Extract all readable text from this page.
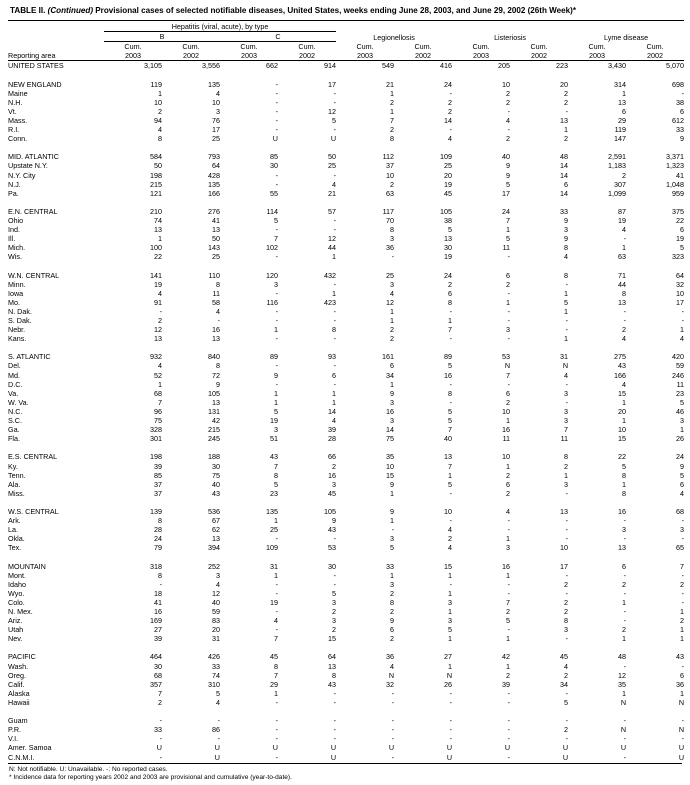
TABLE II. (Continued) Provisional cases of selected notifiable diseases, United States, weeks ending June 28, 2003, and June 29, 2002 (26th Week)*
	Hepatitis (viral, acute), by type				Legionellosis		Listeriosis		Lyme disease	
	B		C							
	Cum.	Cum.	Cum.	Cum.	Cum.	Cum.	Cum.	Cum.	Cum.	Cum.
Reporting area	2003	2002	2003	2002	2003	2002	2003	2002	2003	2002
UNITED STATES	3,105	3,556	662	914	549	416	205	223	3,430	5,070

NEW ENGLAND	119	135	-	17	21	24	10	20	314	698
Maine	1	4	-	-	1	-	2	2	1	-
N.H.	10	10	-	-	2	2	2	2	13	38
Vt.	2	3	-	12	1	2	-	-	6	6
Mass.	94	76	-	5	7	14	4	13	29	612
R.I.	4	17	-	-	2	-	-	1	119	33
Conn.	8	25	U	U	8	4	2	2	147	9

MID. ATLANTIC	584	793	85	50	112	109	40	48	2,591	3,371
Upstate N.Y.	50	64	30	25	37	25	9	14	1,183	1,323
N.Y. City	198	428	-	-	10	20	9	14	2	41
N.J.	215	135	-	4	2	19	5	6	307	1,048
Pa.	121	166	55	21	63	45	17	14	1,099	959

E.N. CENTRAL	210	276	114	57	117	105	24	33	87	375
Ohio	74	41	5	-	70	38	7	9	19	22
Ind.	13	13	-	-	8	5	1	3	4	6
Ill.	1	50	7	12	3	13	5	9	-	19
Mich.	100	143	102	44	36	30	11	8	1	5
Wis.	22	25	-	1	-	19	-	4	63	323

W.N. CENTRAL	141	110	120	432	25	24	6	8	71	64
Minn.	19	8	3	-	3	2	2	-	44	32
Iowa	4	11	-	1	4	6	-	1	8	10
Mo.	91	58	116	423	12	8	1	5	13	17
N. Dak.	-	4	-	-	1	-	-	1	-	-
S. Dak.	2	-	-	-	1	1	-	-	-	-
Nebr.	12	16	1	8	2	7	3	-	2	1
Kans.	13	13	-	-	2	-	-	1	4	4

S. ATLANTIC	932	840	89	93	161	89	53	31	275	420
Del.	4	8	-	-	6	5	N	N	43	59
Md.	52	72	9	6	34	16	7	4	166	246
D.C.	1	9	-	-	1	-	-	-	4	11
Va.	68	105	1	1	9	8	6	3	15	23
W. Va.	7	13	1	1	3	-	2	-	1	5
N.C.	96	131	5	14	16	5	10	3	20	46
S.C.	75	42	19	4	3	5	1	3	1	3
Ga.	328	215	3	39	14	7	16	7	10	1
Fla.	301	245	51	28	75	40	11	11	15	26

E.S. CENTRAL	198	188	43	66	35	13	10	8	22	24
Ky.	39	30	7	2	10	7	1	2	5	9
Tenn.	85	75	8	16	15	1	2	1	8	5
Ala.	37	40	5	3	9	5	6	3	1	6
Miss.	37	43	23	45	1	-	2	-	8	4

W.S. CENTRAL	139	536	135	105	9	10	4	13	16	68
Ark.	8	67	1	9	1	-	-	-	-	-
La.	28	62	25	43	-	4	-	-	3	3
Okla.	24	13	-	-	3	2	1	-	-	-
Tex.	79	394	109	53	5	4	3	10	13	65

MOUNTAIN	318	252	31	30	33	15	16	17	6	7
Mont.	8	3	1	-	1	1	1	-	-	-
Idaho	-	4	-	-	3	-	-	2	2	2
Wyo.	18	12	-	5	2	1	-	-	-	-
Colo.	41	40	19	3	8	3	7	2	1	-
N. Mex.	16	59	-	2	2	1	2	2	-	1
Ariz.	169	83	4	3	9	3	5	8	-	2
Utah	27	20	-	2	6	5	-	3	2	1
Nev.	39	31	7	15	2	1	1	-	1	1

PACIFIC	464	426	45	64	36	27	42	45	48	43
Wash.	30	33	8	13	4	1	1	4	-	-
Oreg.	68	74	7	8	N	N	2	2	12	6
Calif.	357	310	29	43	32	26	39	34	35	36
Alaska	7	5	1	-	-	-	-	-	1	1
Hawaii	2	4	-	-	-	-	-	5	N	N

Guam	-	-	-	-	-	-	-	-	-	-
P.R.	33	86	-	-	-	-	-	2	N	N
V.I.	-	-	-	-	-	-	-	-	-	-
Amer. Samoa	U	U	U	U	U	U	U	U	U	U
C.N.M.I.	-	U	-	U	-	U	-	U	-	U
N: Not notifiable. U: Unavailable. -: No reported cases.
* Incidence data for reporting years 2002 and 2003 are provisional and cumulative (year-to-date).
